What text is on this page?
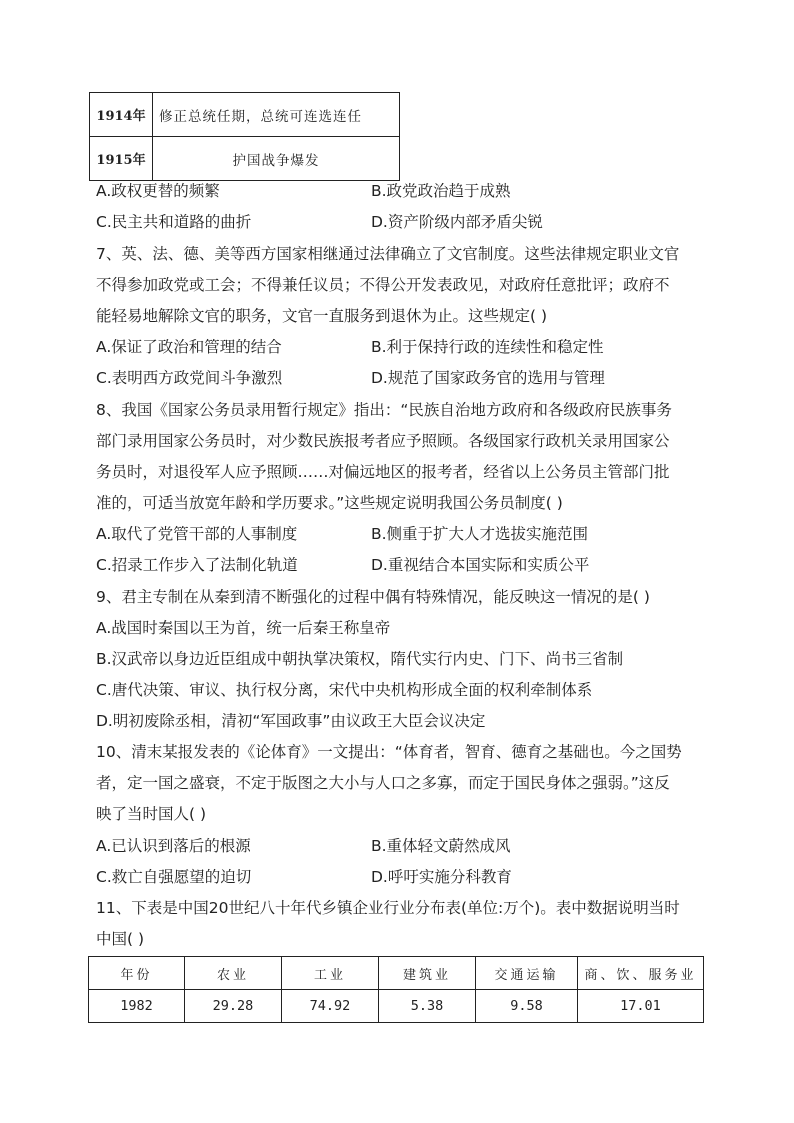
1914年	修正总统任期，总统可连选连任
1915年	护国战争爆发
A.政权更替的频繁	B.政党政治趋于成熟
C.民主共和道路的曲折	D.资产阶级内部矛盾尖锐
7、英、法、德、美等西方国家相继通过法律确立了文官制度。这些法律规定职业文官
不得参加政党或工会；不得兼任议员；不得公开发表政见，对政府任意批评；政府不
能轻易地解除文官的职务，文官一直服务到退休为止。这些规定( )
A.保证了政治和管理的结合	B.利于保持行政的连续性和稳定性
C.表明西方政党间斗争激烈	D.规范了国家政务官的选用与管理
8、我国《国家公务员录用暂行规定》指出：“民族自治地方政府和各级政府民族事务
部门录用国家公务员时，对少数民族报考者应予照顾。各级国家行政机关录用国家公
务员时，对退役军人应予照顾……对偏远地区的报考者，经省以上公务员主管部门批
准的，可适当放宽年龄和学历要求。”这些规定说明我国公务员制度( )
A.取代了党管干部的人事制度	B.侧重于扩大人才选拔实施范围
C.招录工作步入了法制化轨道	D.重视结合本国实际和实质公平
9、君主专制在从秦到清不断强化的过程中偶有特殊情况，能反映这一情况的是( )
A.战国时秦国以王为首，统一后秦王称皇帝
B.汉武帝以身边近臣组成中朝执掌决策权，隋代实行内史、门下、尚书三省制
C.唐代决策、审议、执行权分离，宋代中央机构形成全面的权利牵制体系
D.明初废除丞相，清初“军国政事”由议政王大臣会议决定
10、清末某报发表的《论体育》一文提出：“体育者，智育、德育之基础也。今之国势
者，定一国之盛衰，不定于版图之大小与人口之多寡，而定于国民身体之强弱。”这反
映了当时国人( )
A.已认识到落后的根源	B.重体轻文蔚然成风
C.救亡自强愿望的迫切	D.呼吁实施分科教育
11、下表是中国20世纪八十年代乡镇企业行业分布表(单位:万个)。表中数据说明当时
中国( )
年份	农业	工业	建筑业	交通运输	商、饮、服务业
1982	29.28	74.92	5.38	9.58	17.01
